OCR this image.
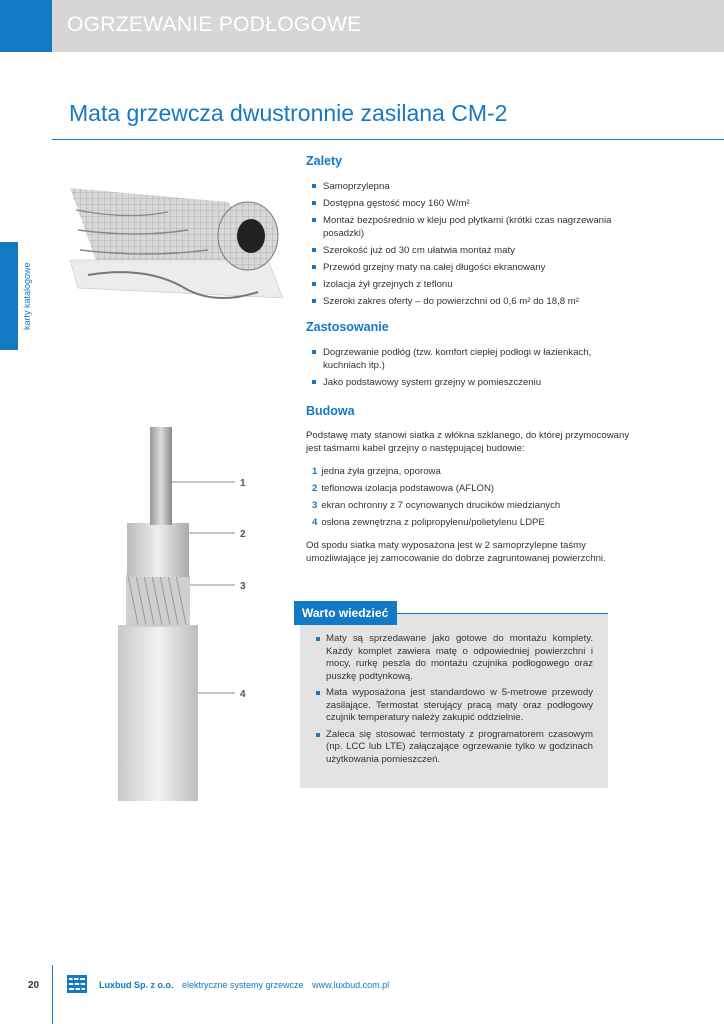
OGRZEWANIE PODŁOGOWE
Mata grzewcza dwustronnie zasilana CM-2
karty katalogowe
1
2
3
4
Zalety
Samoprzylepna
Dostępna gęstość mocy 160 W/m²
Montaż bezpośrednio w kleju pod płytkami (krótki czas nagrzewania posadzki)
Szerokość już od 30 cm ułatwia montaż maty
Przewód grzejny maty na całej długości ekranowany
Izolacja żył grzejnych z teflonu
Szeroki zakres oferty – do powierzchni od 0,6 m² do 18,8 m²
Zastosowanie
Dogrzewanie podłóg (tzw. komfort ciepłej podłogi w łazienkach, kuchniach itp.)
Jako podstawowy system grzejny w pomieszczeniu
Budowa
Podstawę maty stanowi siatka z włókna szklanego, do której przymocowany jest taśmami kabel grzejny o następującej budowie:
1 jedna żyła grzejna, oporowa
2 teflonowa izolacja podstawowa (AFLON)
3 ekran ochronny z 7 ocynowanych drucików miedzianych
4 osłona zewnętrzna z polipropylenu/polietylenu LDPE
Od spodu siatka maty wyposażona jest w 2 samoprzylepne taśmy umożliwiające jej zamocowanie do dobrze zagruntowanej powierzchni.
Warto wiedzieć
Maty są sprzedawane jako gotowe do montażu komplety. Każdy komplet zawiera matę o odpowiedniej powierzchni i mocy, rurkę peszla do montażu czujnika podłogowego oraz puszkę podtynkową.
Mata wyposażona jest standardowo w 5-metrowe przewody zasilające. Termostat sterujący pracą maty oraz podłogowy czujnik temperatury należy zakupić oddzielnie.
Zaleca się stosować termostaty z programatorem czasowym (np. LCC lub LTE) załączające ogrzewanie tylko w godzinach użytkowania pomieszczeń.
20	Luxbud Sp. z o.o. elektryczne systemy grzewcze www.luxbud.com.pl
